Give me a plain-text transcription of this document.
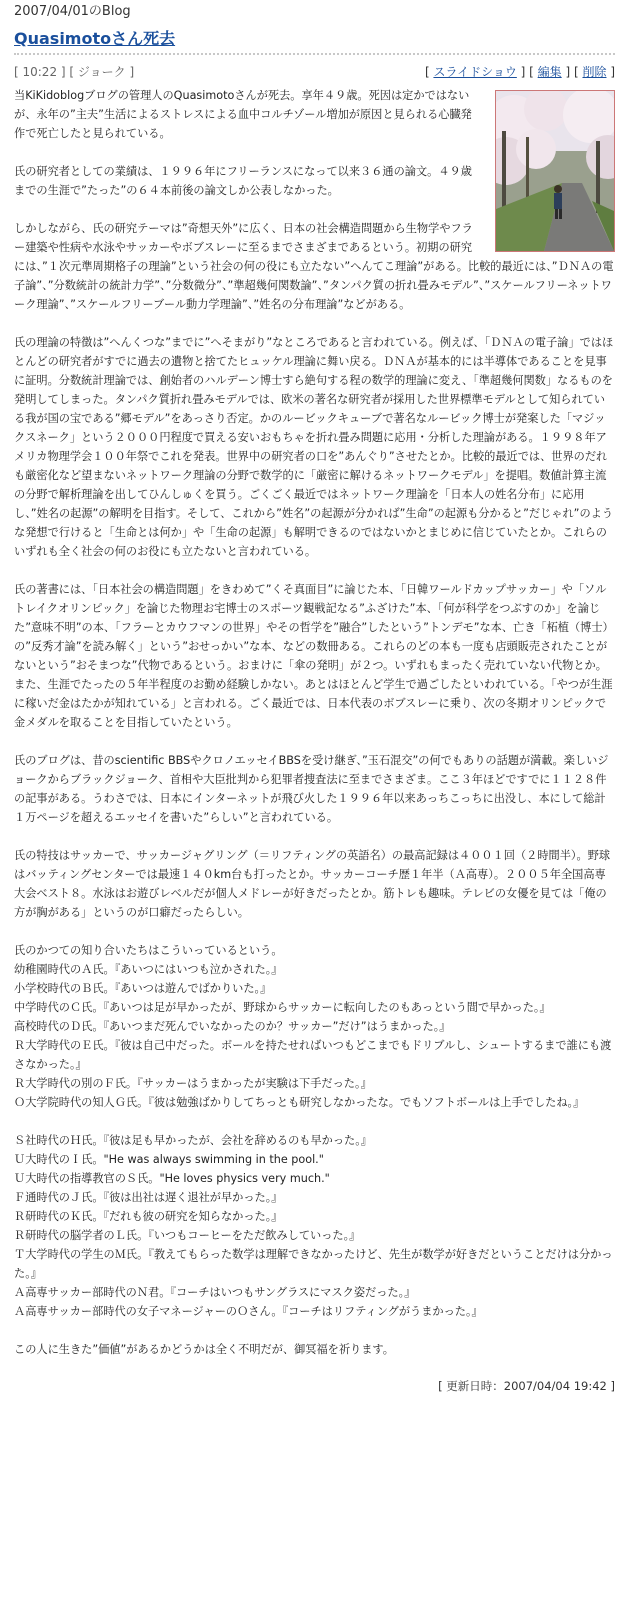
2007/04/01のBlog
Quasimotoさん死去
[ 10:22 ] [ ジョーク ]	[ スライドショウ ] [ 編集 ] [ 削除 ]

当KiKidoblogブログの管理人のQuasimotoさんが死去。享年４９歳。死因は定かではないが、永年の”主夫”生活によるストレスによる血中コルチゾール増加が原因と見られる心臓発作で死亡したと見られている。

氏の研究者としての業績は、１９９６年にフリーランスになって以来３６通の論文。４９歳までの生涯で”たった”の６４本前後の論文しか公表しなかった。

しかしながら、氏の研究テーマは”奇想天外”に広く、日本の社会構造問題から生物学やフラー建築や性病や水泳やサッカーやボブスレーに至るまでさまざまであるという。初期の研究には、”１次元準周期格子の理論”という社会の何の役にも立たない”へんてこ理論”がある。比較的最近には、”ＤＮＡの電子論”、”分数統計の統計力学”、”分数微分”、”準超幾何関数論”、”タンパク質の折れ畳みモデル”、”スケールフリーネットワーク理論”、”スケールフリーブール動力学理論”、”姓名の分布理論”などがある。

氏の理論の特徴は”へんくつな”までに”へそまがり”なところであると言われている。例えば、「ＤＮＡの電子論」ではほとんどの研究者がすでに過去の遺物と捨てたヒュッケル理論に舞い戻る。ＤＮＡが基本的には半導体であることを見事に証明。分数統計理論では、創始者のハルデーン博士すら絶句する程の数学的理論に変え、「準超幾何関数」なるものを発明してしまった。タンパク質折れ畳みモデルでは、欧米の著名な研究者が採用した世界標準モデルとして知られている我が国の宝である”郷モデル”をあっさり否定。かのルービックキューブで著名なルービック博士が発案した「マジックスネーク」という２０００円程度で買える安いおもちゃを折れ畳み問題に応用・分析した理論がある。１９９８年アメリカ物理学会１００年祭でこれを発表。世界中の研究者の口を”あんぐり”させたとか。比較的最近では、世界のだれも厳密化など望まないネットワーク理論の分野で数学的に「厳密に解けるネットワークモデル」を提唱。数値計算主流の分野で解析理論を出してひんしゅくを買う。ごくごく最近ではネットワーク理論を「日本人の姓名分布」に応用し、”姓名の起源”の解明を目指す。そして、これから”姓名”の起源が分かれば”生命”の起源も分かると”だじゃれ”のような発想で行けると「生命とは何か」や「生命の起源」も解明できるのではないかとまじめに信じていたとか。これらのいずれも全く社会の何のお役にも立たないと言われている。

氏の著書には、「日本社会の構造問題」をきわめて”くそ真面目”に論じた本、「日韓ワールドカップサッカー」や「ソルトレイクオリンピック」を論じた物理お宅博士のスポーツ観戦記なる”ふざけた”本、「何が科学をつぶすのか」を論じた”意味不明”の本、「フラーとカウフマンの世界」やその哲学を”融合”したという”トンデモ”な本、亡き「柘植（博士）の”反秀才論”を読み解く」という”おせっかい”な本、などの数冊ある。これらのどの本も一度も店頭販売されたことがないという”おそまつな”代物であるという。おまけに「傘の発明」が２つ。いずれもまったく売れていない代物とか。また、生涯でたったの５年半程度のお勤め経験しかない。あとはほとんど学生で過ごしたといわれている。「やつが生涯に稼いだ金はたかが知れている」と言われる。ごく最近では、日本代表のボブスレーに乗り、次の冬期オリンピックで金メダルを取ることを目指していたという。

氏のブログは、昔のscientific BBSやクロノエッセイBBSを受け継ぎ、”玉石混交”の何でもありの話題が満載。楽しいジョークからブラックジョーク、首相や大臣批判から犯罪者捜査法に至までさまざま。ここ３年ほどですでに１１２８件の記事がある。うわさでは、日本にインターネットが飛び火した１９９６年以来あっちこっちに出没し、本にして総計１万ページを超えるエッセイを書いた”らしい”と言われている。

氏の特技はサッカーで、サッカージャグリング（＝リフティングの英語名）の最高記録は４００１回（２時間半）。野球はバッティングセンターでは最速１４０km台も打ったとか。サッカーコーチ歴１年半（Ａ高専）。２００５年全国高専大会ベスト８。水泳はお遊びレベルだが個人メドレーが好きだったとか。筋トレも趣味。テレビの女優を見ては「俺の方が胸がある」というのが口癖だったらしい。

氏のかつての知り合いたちはこういっているという。
幼稚園時代のＡ氏。『あいつにはいつも泣かされた。』
小学校時代のＢ氏。『あいつは遊んでばかりいた。』
中学時代のＣ氏。『あいつは足が早かったが、野球からサッカーに転向したのもあっという間で早かった。』
高校時代のＤ氏。『あいつまだ死んでいなかったのか？サッカー”だけ”はうまかった。』
Ｒ大学時代のＥ氏。『彼は自己中だった。ボールを持たせればいつもどこまでもドリブルし、シュートするまで誰にも渡さなかった。』
Ｒ大学時代の別のＦ氏。『サッカーはうまかったが実験は下手だった。』
Ｏ大学院時代の知人Ｇ氏。『彼は勉強ばかりしてちっとも研究しなかったな。でもソフトボールは上手でしたね。』

Ｓ社時代のＨ氏。『彼は足も早かったが、会社を辞めるのも早かった。』
Ｕ大時代のＩ氏。"He was always swimming in the pool."
Ｕ大時代の指導教官のＳ氏。"He loves physics very much."
Ｆ通時代のＪ氏。『彼は出社は遅く退社が早かった。』
Ｒ研時代のＫ氏。『だれも彼の研究を知らなかった。』
Ｒ研時代の脳学者のＬ氏。『いつもコーヒーをただ飲みしていった。』
Ｔ大学時代の学生のＭ氏。『教えてもらった数学は理解できなかったけど、先生が数学が好きだということだけは分かった。』
Ａ高専サッカー部時代のＮ君。『コーチはいつもサングラスにマスク姿だった。』
Ａ高専サッカー部時代の女子マネージャーのＯさん。『コーチはリフティングがうまかった。』

この人に生きた”価値”があるかどうかは全く不明だが、御冥福を祈ります。

[ 更新日時：2007/04/04 19:42 ]
